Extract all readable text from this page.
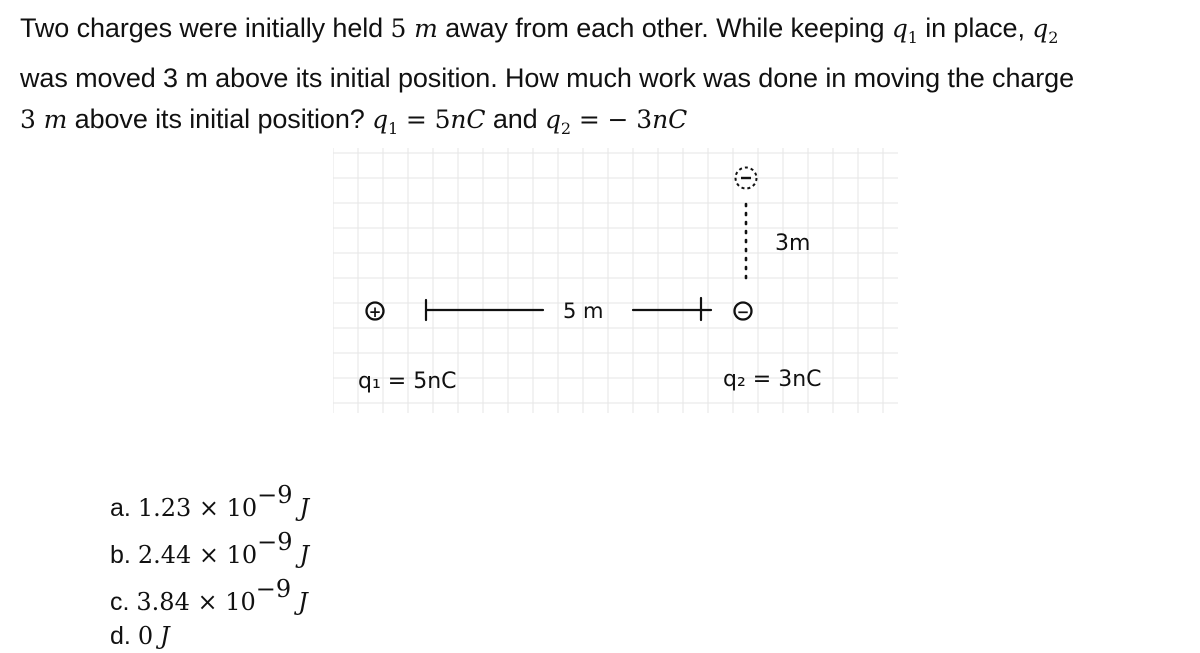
Two charges were initially held 5 m away from each other. While keeping $q_1$ in place, $q_2$
was moved 3 m above its initial position. How much work was done in moving the charge
3 m above its initial position? $q_1 = 5nC$ and $q_2$ = − 3nC
+	5 m	−
3m
q₁ = 5nC	q₂ = 3nC
a. 1.23 × 10−9 J
b. 2.44 × 10−9 J
c. 3.84 × 10−9 J
d. 0 J
